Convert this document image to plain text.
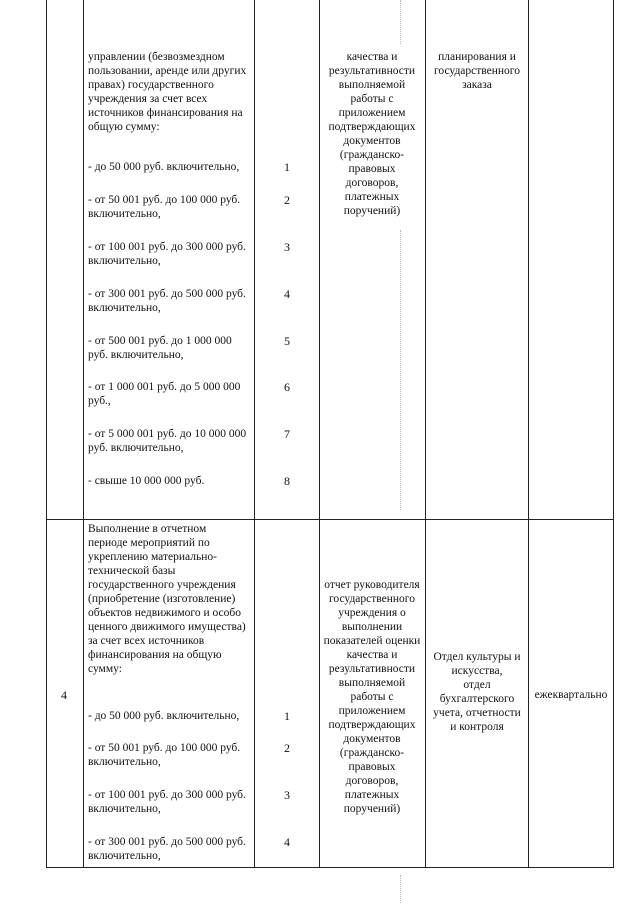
управлении (безвозмездном
пользовании, аренде или других
правах) государственного
учреждения за счет всех
источников финансирования на
общую сумму:
- до 50 000 руб. включительно,
- от 50 001 руб. до 100 000 руб.
включительно,
- от 100 001 руб. до 300 000 руб.
включительно,
- от 300 001 руб. до 500 000 руб.
включительно,
- от 500 001 руб. до 1 000 000
руб. включительно,
- от 1 000 001 руб. до 5 000 000
руб.,
- от 5 000 001 руб. до 10 000 000
руб. включительно,
- свыше 10 000 000 руб.
1
2
3
4
5
6
7
8
качества и
результативности
выполняемой
работы с
приложением
подтверждающих
документов
(гражданско-
правовых
договоров,
платежных
поручений)
планирования и
государственного
заказа
4
Выполнение в отчетном
периоде мероприятий по
укреплению материально-
технической базы
государственного учреждения
(приобретение (изготовление)
объектов недвижимого и особо
ценного движимого имущества)
за счет всех источников
финансирования на общую
сумму:
- до 50 000 руб. включительно,
- от 50 001 руб. до 100 000 руб.
включительно,
- от 100 001 руб. до 300 000 руб.
включительно,
- от 300 001 руб. до 500 000 руб.
включительно,
1
2
3
4
отчет руководителя
государственного
учреждения о
выполнении
показателей оценки
качества и
результативности
выполняемой
работы с
приложением
подтверждающих
документов
(гражданско-
правовых
договоров,
платежных
поручений)
Отдел культуры и
искусства,
отдел
бухгалтерского
учета, отчетности
и контроля
ежеквартально
